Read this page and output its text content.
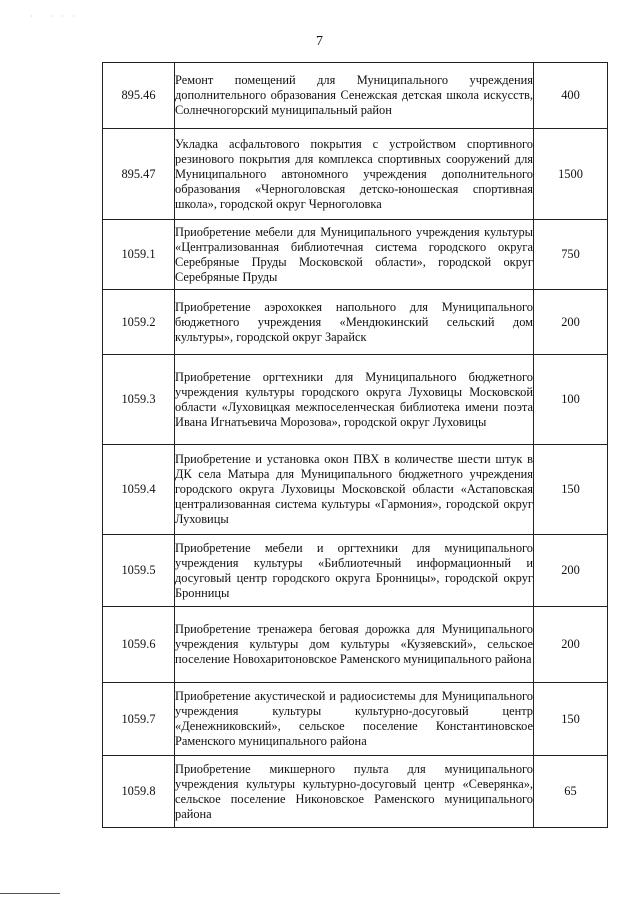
·   · · ·
7
895.46	Ремонт помещений для Муниципального учреждения дополнительного образования Сенежская детская школа искусств, Солнечногорский муниципальный район	400
895.47	Укладка асфальтового покрытия с устройством спортивного резинового покрытия для комплекса спортивных сооружений для Муниципального автономного учреждения дополнительного образования «Черноголовская детско-юношеская спортивная школа», городской округ Черноголовка	1500
1059.1	Приобретение мебели для Муниципального учреждения культуры «Централизованная библиотечная система городского округа Серебряные Пруды Московской области», городской округ Серебряные Пруды	750
1059.2	Приобретение аэрохоккея напольного для Муниципального бюджетного учреждения «Мендюкинский сельский дом культуры», городской округ Зарайск	200
1059.3	Приобретение оргтехники для Муниципального бюджетного учреждения культуры городского округа Луховицы Московской области «Луховицкая межпоселенческая библиотека имени поэта Ивана Игнатьевича Морозова», городской округ Луховицы	100
1059.4	Приобретение и установка окон ПВХ в количестве шести штук в ДК села Матыра для Муниципального бюджетного учреждения городского округа Луховицы Московской области «Астаповская централизованная система культуры «Гармония», городской округ Луховицы	150
1059.5	Приобретение мебели и оргтехники для муниципального учреждения культуры «Библиотечный информационный и досуговый центр городского округа Бронницы», городской округ Бронницы	200
1059.6	Приобретение тренажера беговая дорожка для Муниципального учреждения культуры дом культуры «Кузяевский», сельское поселение Новохаритоновское Раменского муниципального района	200
1059.7	Приобретение акустической и радиосистемы для Муниципального учреждения культуры культурно-досуговый центр «Денежниковский», сельское поселение Константиновское Раменского муниципального района	150
1059.8	Приобретение микшерного пульта для муниципального учреждения культуры культурно-досуговый центр «Северянка», сельское поселение Никоновское Раменского муниципального района	65
